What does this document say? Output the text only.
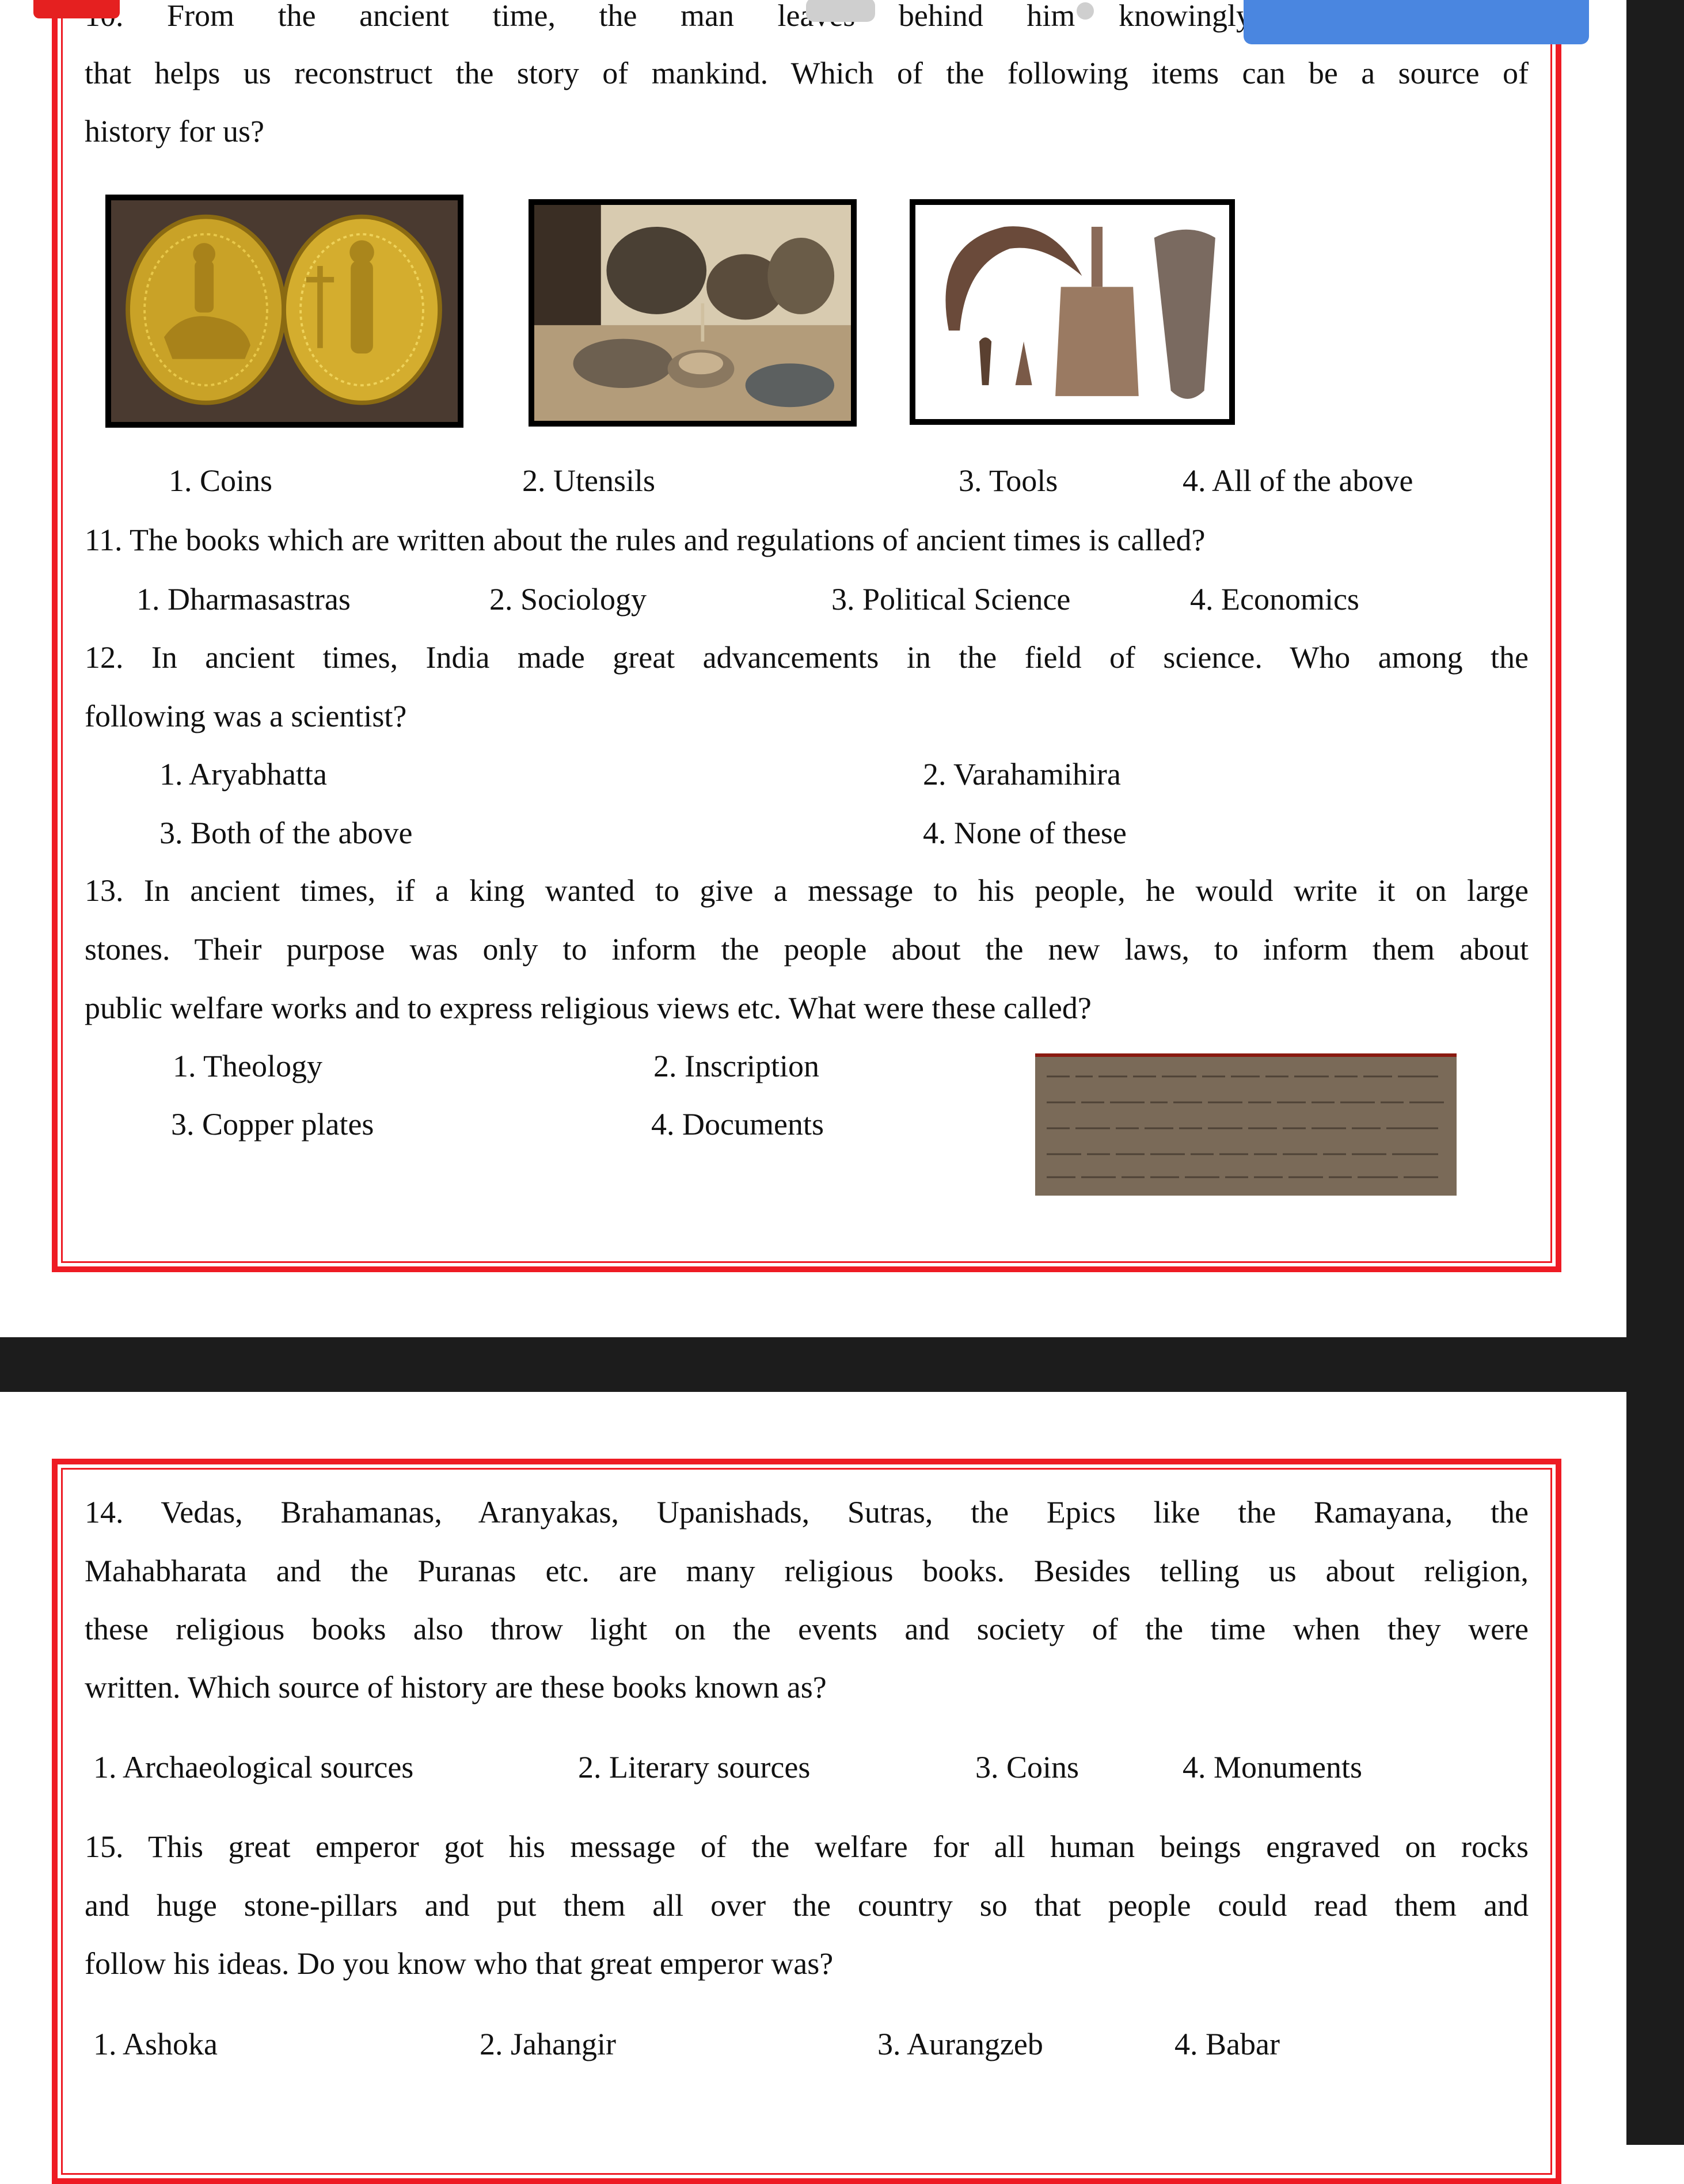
From the ancient time, the man behind him knowingly

that helps us reconstruct the story of mankind. Which of the following items can be a source of

history for us?

1. Coins	2. Utensils	3. Tools	4. All of the above

11. The books which are written about the rules and regulations of ancient times is called?

1. Dharmasastras	2. Sociology	3. Political Science	4. Economics

12. In ancient times, India made great advancements in the field of science. Who among the

following was a scientist?

1. Aryabhatta	2. Varahamihira

3. Both of the above	4. None of these

13. In ancient times, if a king wanted to give a message to his people, he would write it on large

stones. Their purpose was only to inform the people about the new laws, to inform them about

public welfare works and to express religious views etc. What were these called?

1. Theology	2. Inscription

3. Copper plates	4. Documents

14. Vedas, Brahamanas, Aranyakas, Upanishads, Sutras, the Epics like the Ramayana, the

Mahabharata and the Puranas etc. are many religious books. Besides telling us about religion,

these religious books also throw light on the events and society of the time when they were

written. Which source of history are these books known as?

1. Archaeological sources	2. Literary sources	3. Coins	4. Monuments

15. This great emperor got his message of the welfare for all human beings engraved on rocks

and huge stone-pillars and put them all over the country so that people could read them and

follow his ideas. Do you know who that great emperor was?

1. Ashoka	2. Jahangir	3. Aurangzeb	4. Babar
